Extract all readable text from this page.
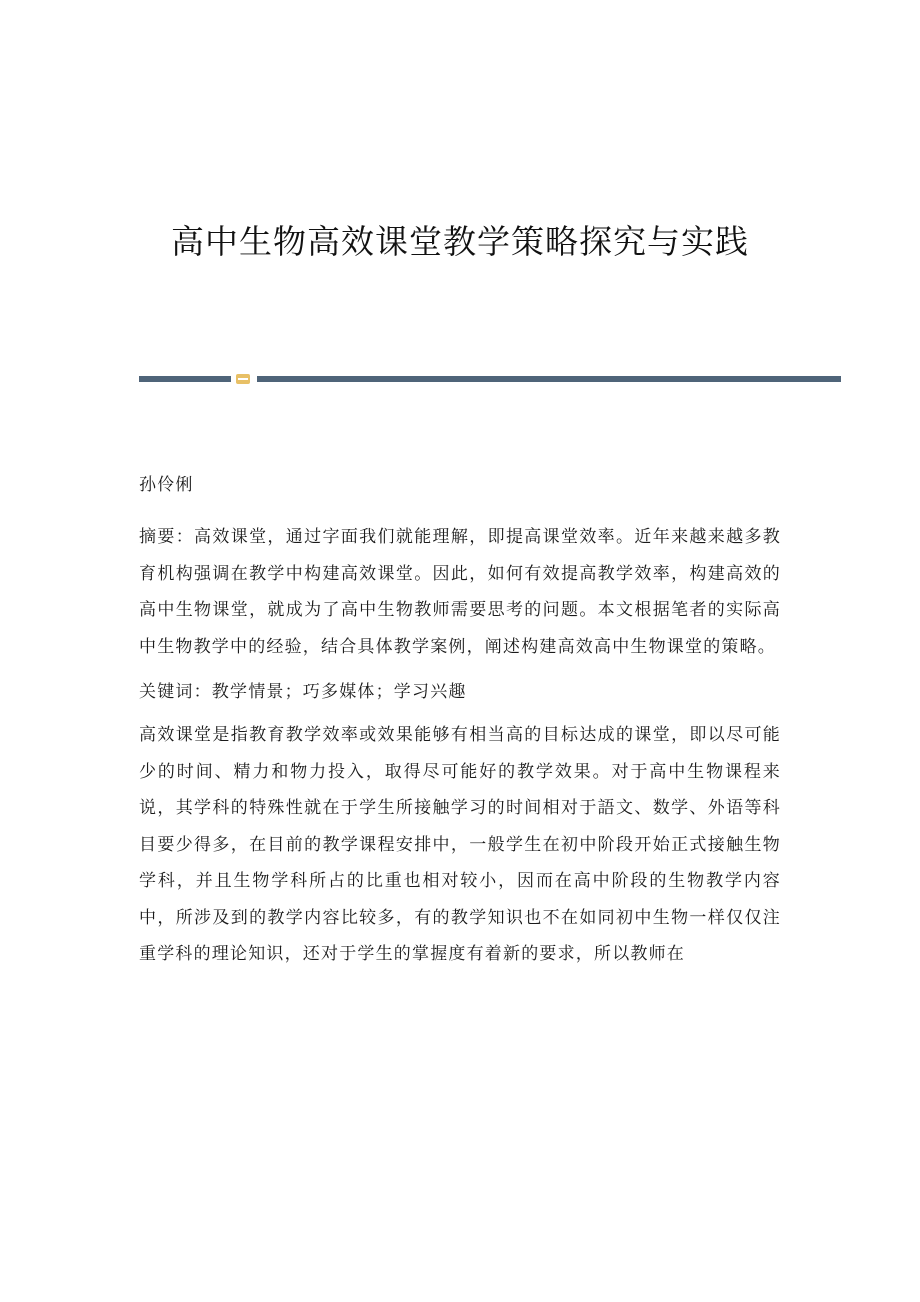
高中生物高效课堂教学策略探究与实践

孙伶俐

摘要：高效课堂，通过字面我们就能理解，即提高课堂效率。近年来越来越多教育机构强调在教学中构建高效课堂。因此，如何有效提高教学效率，构建高效的高中生物课堂，就成为了高中生物教师需要思考的问题。本文根据笔者的实际高中生物教学中的经验，结合具体教学案例，阐述构建高效高中生物课堂的策略。

关键词：教学情景；巧多媒体；学习兴趣

高效课堂是指教育教学效率或效果能够有相当高的目标达成的课堂，即以尽可能少的时间、精力和物力投入，取得尽可能好的教学效果。对于高中生物课程来说，其学科的特殊性就在于学生所接触学习的时间相对于語文、数学、外语等科目要少得多，在目前的教学课程安排中，一般学生在初中阶段开始正式接触生物学科，并且生物学科所占的比重也相对较小，因而在高中阶段的生物教学内容中，所涉及到的教学内容比较多，有的教学知识也不在如同初中生物一样仅仅注重学科的理论知识，还对于学生的掌握度有着新的要求，所以教师在
